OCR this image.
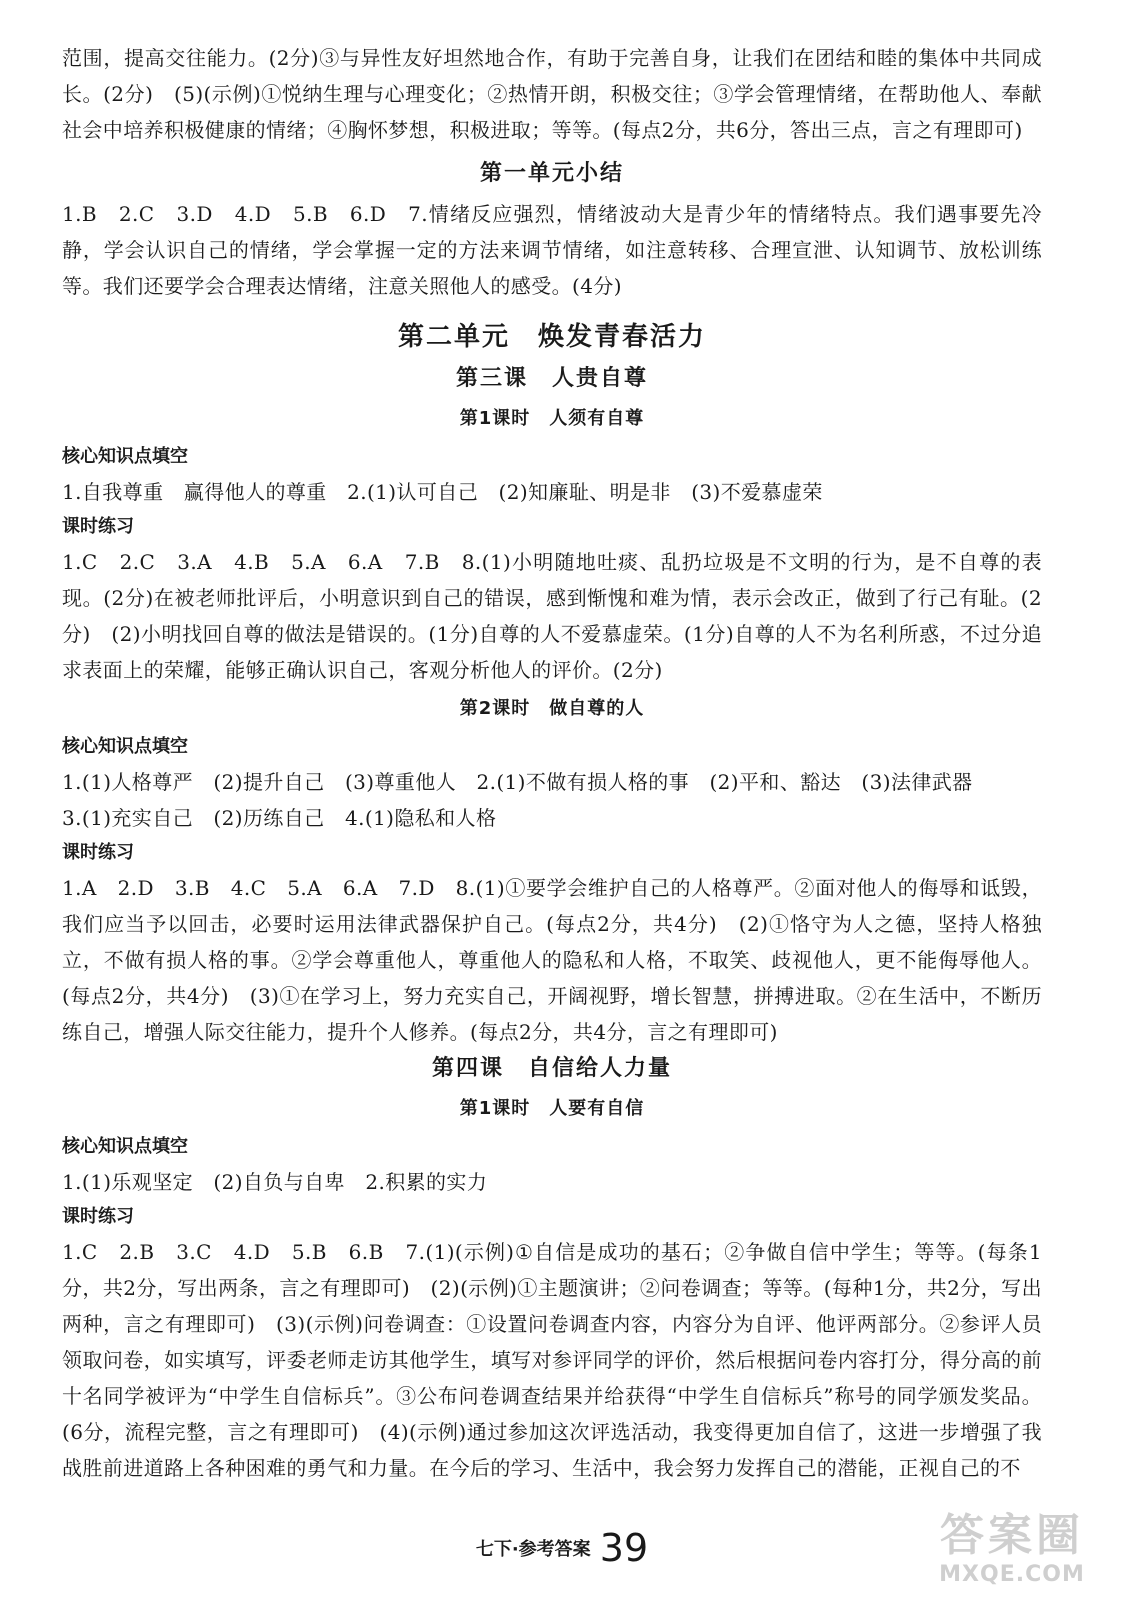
范围，提高交往能力。(2分)③与异性友好坦然地合作，有助于完善自身，让我们在团结和睦的集体中共同成长。(2分)　(5)(示例)①悦纳生理与心理变化；②热情开朗，积极交往；③学会管理情绪，在帮助他人、奉献社会中培养积极健康的情绪；④胸怀梦想，积极进取；等等。(每点2分，共6分，答出三点，言之有理即可)

第一单元小结

1.B　2.C　3.D　4.D　5.B　6.D　7.情绪反应强烈，情绪波动大是青少年的情绪特点。我们遇事要先冷静，学会认识自己的情绪，学会掌握一定的方法来调节情绪，如注意转移、合理宣泄、认知调节、放松训练等。我们还要学会合理表达情绪，注意关照他人的感受。(4分)

第二单元　焕发青春活力
第三课　人贵自尊
第1课时　人须有自尊
核心知识点填空

1.自我尊重　赢得他人的尊重　2.(1)认可自己　(2)知廉耻、明是非　(3)不爱慕虚荣

课时练习

1.C　2.C　3.A　4.B　5.A　6.A　7.B　8.(1)小明随地吐痰、乱扔垃圾是不文明的行为，是不自尊的表现。(2分)在被老师批评后，小明意识到自己的错误，感到惭愧和难为情，表示会改正，做到了行己有耻。(2分)　(2)小明找回自尊的做法是错误的。(1分)自尊的人不爱慕虚荣。(1分)自尊的人不为名利所惑，不过分追求表面上的荣耀，能够正确认识自己，客观分析他人的评价。(2分)

第2课时　做自尊的人
核心知识点填空

1.(1)人格尊严　(2)提升自己　(3)尊重他人　2.(1)不做有损人格的事　(2)平和、豁达　(3)法律武器

3.(1)充实自己　(2)历练自己　4.(1)隐私和人格

课时练习

1.A　2.D　3.B　4.C　5.A　6.A　7.D　8.(1)①要学会维护自己的人格尊严。②面对他人的侮辱和诋毁，我们应当予以回击，必要时运用法律武器保护自己。(每点2分，共4分)　(2)①恪守为人之德，坚持人格独立，不做有损人格的事。②学会尊重他人，尊重他人的隐私和人格，不取笑、歧视他人，更不能侮辱他人。(每点2分，共4分)　(3)①在学习上，努力充实自己，开阔视野，增长智慧，拼搏进取。②在生活中，不断历练自己，增强人际交往能力，提升个人修养。(每点2分，共4分，言之有理即可)

第四课　自信给人力量
第1课时　人要有自信
核心知识点填空

1.(1)乐观坚定　(2)自负与自卑　2.积累的实力

课时练习

1.C　2.B　3.C　4.D　5.B　6.B　7.(1)(示例)①自信是成功的基石；②争做自信中学生；等等。(每条1分，共2分，写出两条，言之有理即可)　(2)(示例)①主题演讲；②问卷调查；等等。(每种1分，共2分，写出两种，言之有理即可)　(3)(示例)问卷调查：①设置问卷调查内容，内容分为自评、他评两部分。②参评人员领取问卷，如实填写，评委老师走访其他学生，填写对参评同学的评价，然后根据问卷内容打分，得分高的前十名同学被评为“中学生自信标兵”。③公布问卷调查结果并给获得“中学生自信标兵”称号的同学颁发奖品。(6分，流程完整，言之有理即可)　(4)(示例)通过参加这次评选活动，我变得更加自信了，这进一步增强了我战胜前进道路上各种困难的勇气和力量。在今后的学习、生活中，我会努力发挥自己的潜能，正视自己的不

七下·参考答案 39	答案圈
MXQE.COM
